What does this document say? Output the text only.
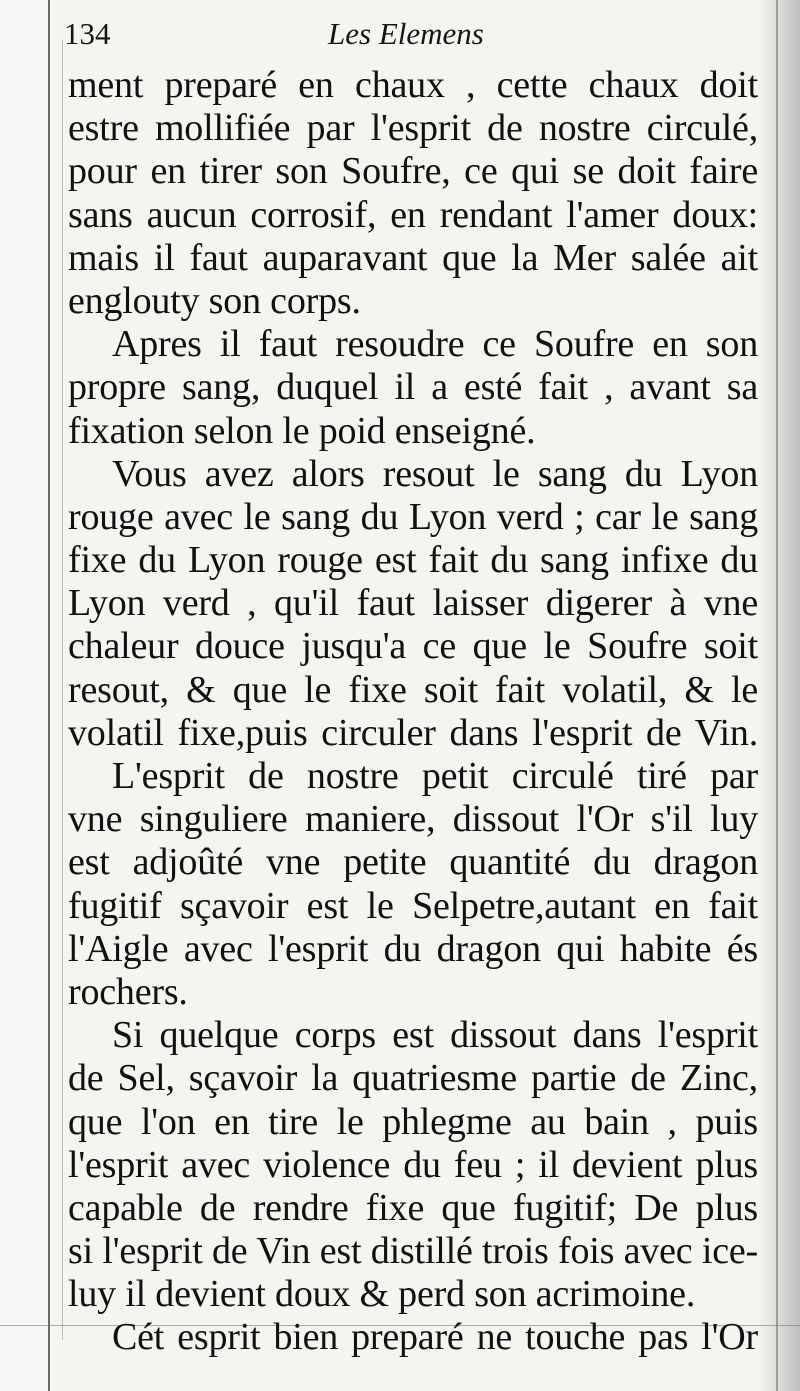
134	Les Elemens
ment preparé en chaux , cette chaux doit
estre mollifiée par l'esprit de nostre circulé,
pour en tirer son Soufre, ce qui se doit faire
sans aucun corrosif, en rendant l'amer doux:
mais il faut auparavant que la Mer salée ait
englouty son corps.
Apres il faut resoudre ce Soufre en son
propre sang, duquel il a esté fait , avant sa
fixation selon le poid enseigné.
Vous avez alors resout le sang du Lyon
rouge avec le sang du Lyon verd ; car le sang
fixe du Lyon rouge est fait du sang infixe du
Lyon verd , qu'il faut laisser digerer à vne
chaleur douce jusqu'a ce que le Soufre soit
resout, & que le fixe soit fait volatil, & le
volatil fixe,puis circuler dans l'esprit de Vin.
L'esprit de nostre petit circulé tiré par
vne singuliere maniere, dissout l'Or s'il luy
est adjoûté vne petite quantité du dragon
fugitif sçavoir est le Selpetre,autant en fait
l'Aigle avec l'esprit du dragon qui habite és
rochers.
Si quelque corps est dissout dans l'esprit
de Sel, sçavoir la quatriesme partie de Zinc,
que l'on en tire le phlegme au bain , puis
l'esprit avec violence du feu ; il devient plus
capable de rendre fixe que fugitif; De plus
si l'esprit de Vin est distillé trois fois avec ice-
luy il devient doux & perd son acrimoine.
Cét esprit bien preparé ne touche pas l'Or
